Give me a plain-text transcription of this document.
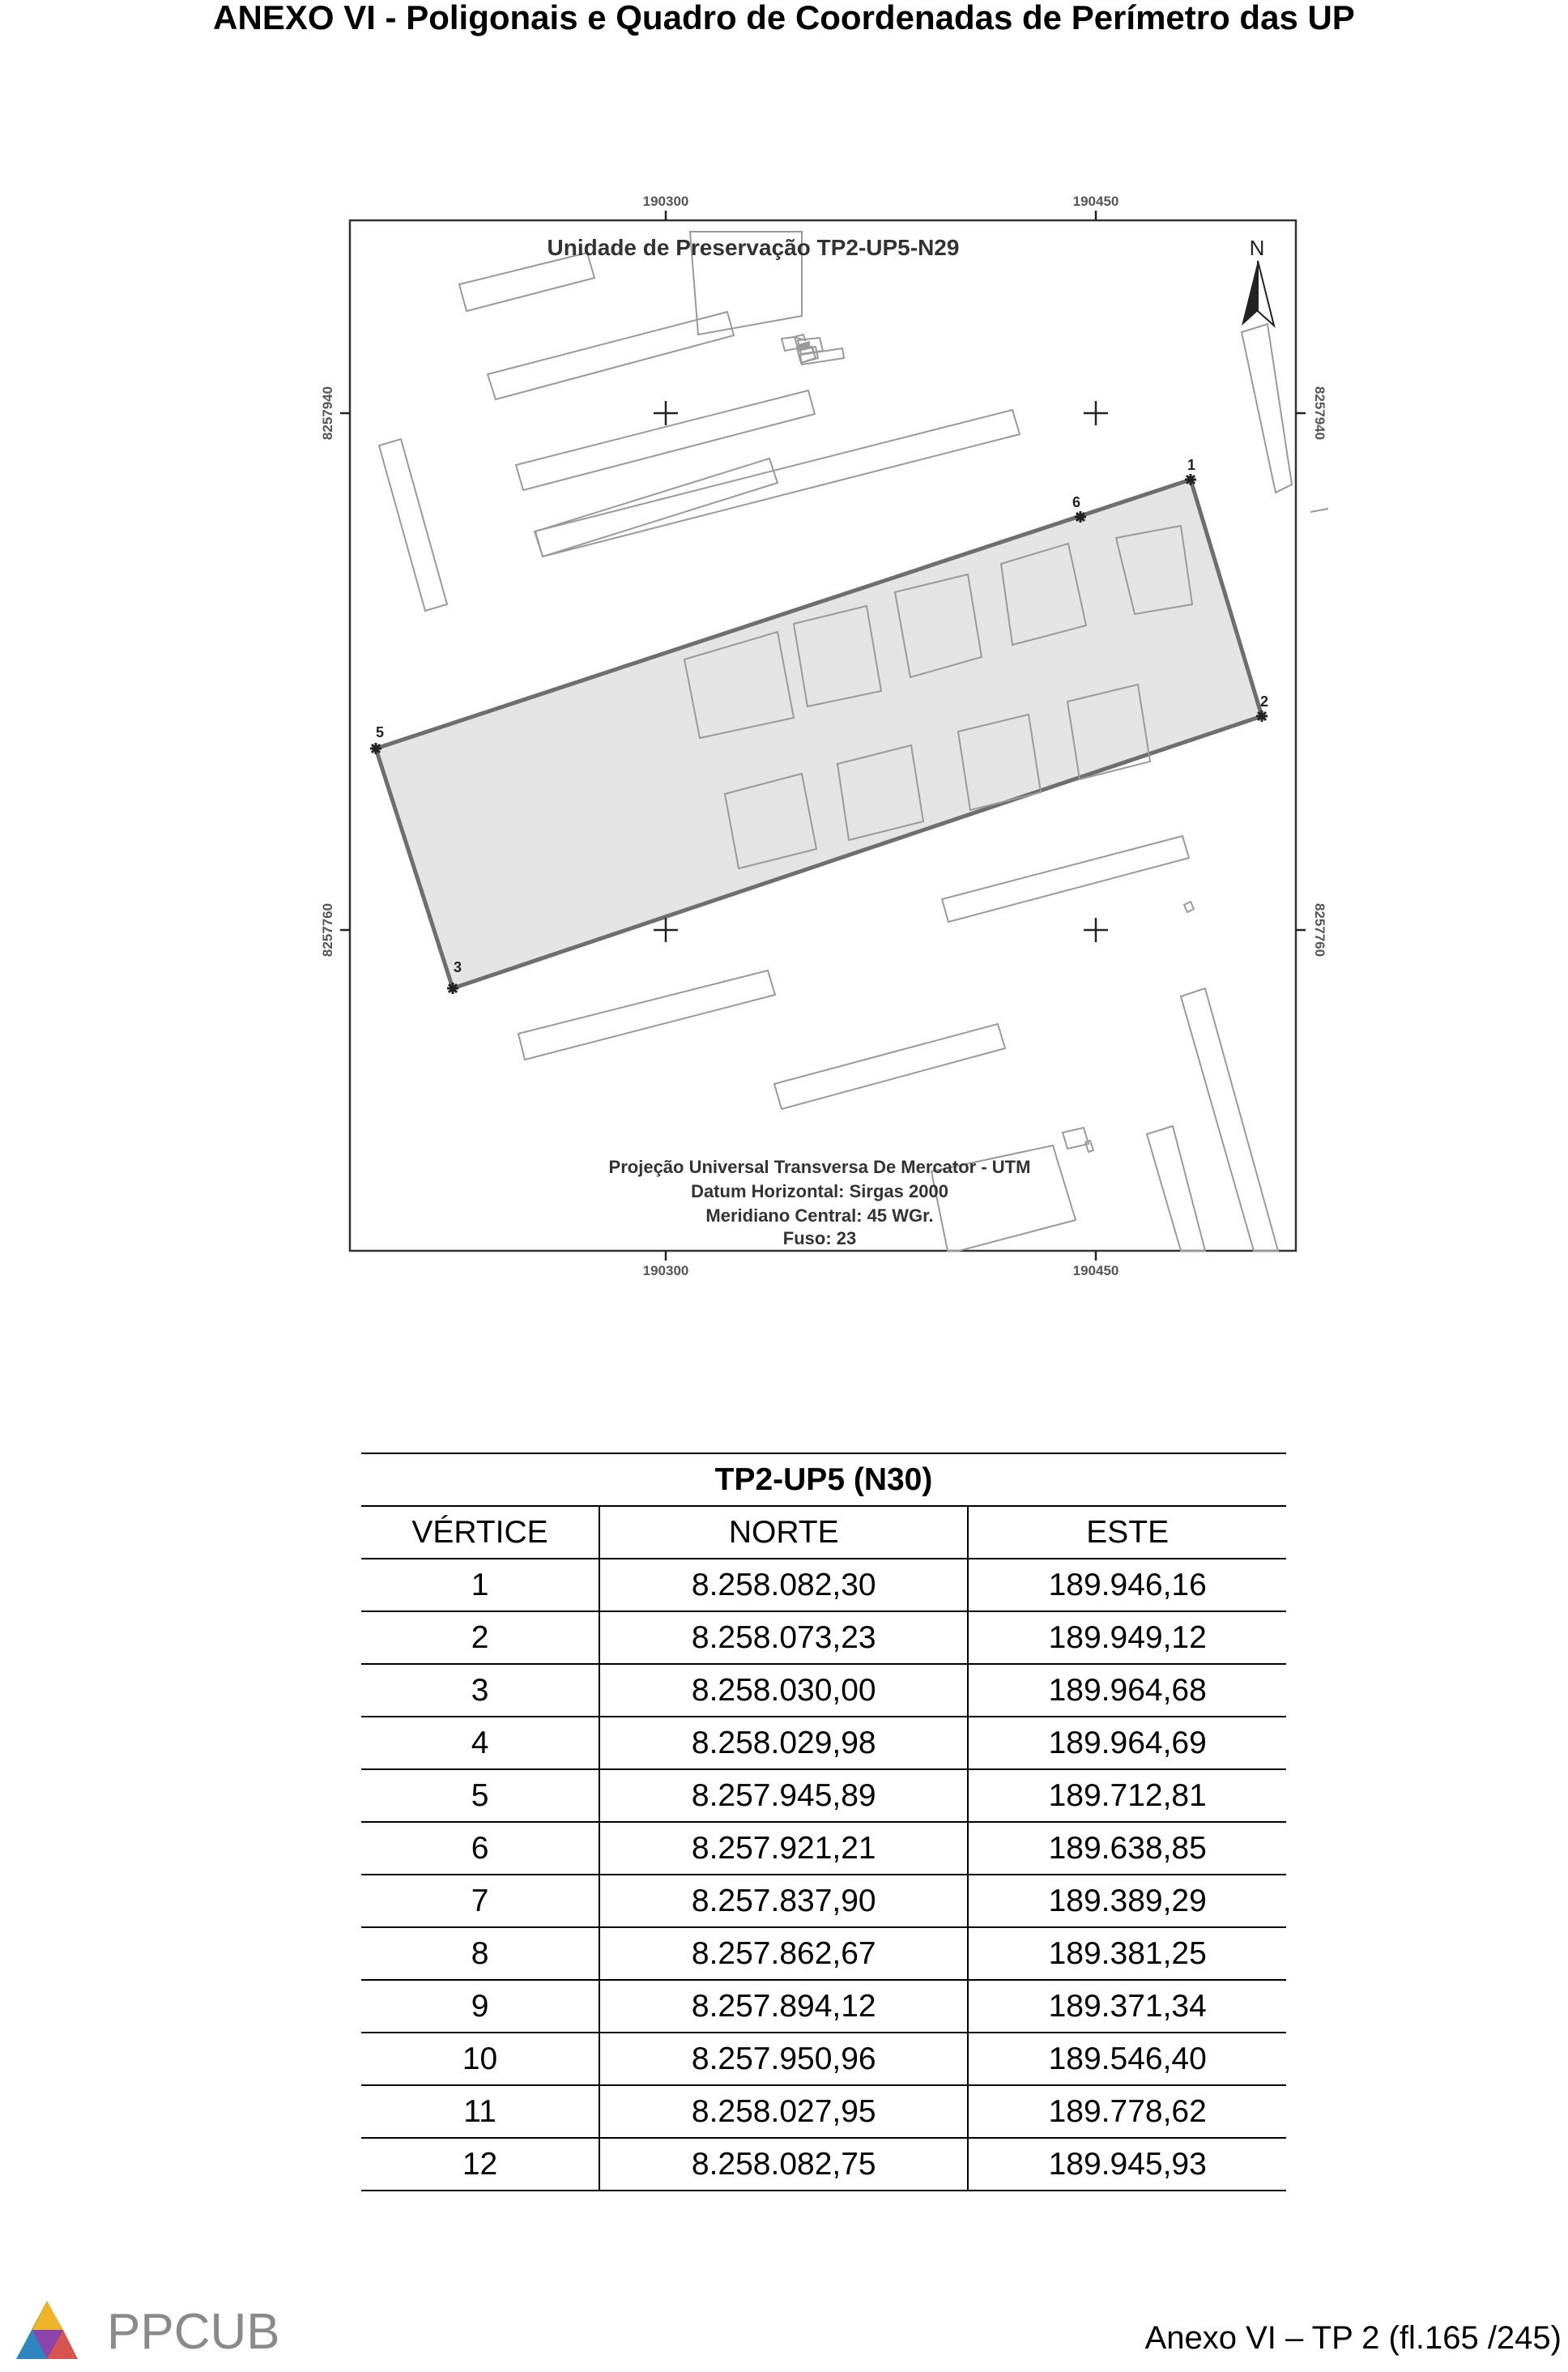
ANEXO VI - Poligonais e Quadro de Coordenadas de Perímetro das UP
1
2
3
5
6
190300	190450
190300	190450
8257940
8257760
8257940
8257760
N
Unidade de Preservação TP2-UP5-N29
Projeção Universal Transversa De Mercator - UTM
Datum Horizontal: Sirgas 2000
Meridiano Central: 45 WGr.
Fuso: 23
TP2-UP5 (N30)		
VÉRTICE	NORTE	ESTE
1	8.258.082,30	189.946,16
2	8.258.073,23	189.949,12
3	8.258.030,00	189.964,68
4	8.258.029,98	189.964,69
5	8.257.945,89	189.712,81
6	8.257.921,21	189.638,85
7	8.257.837,90	189.389,29
8	8.257.862,67	189.381,25
9	8.257.894,12	189.371,34
10	8.257.950,96	189.546,40
11	8.258.027,95	189.778,62
12	8.258.082,75	189.945,93
PPCUB	Anexo VI – TP 2 (fl.165 /245)
